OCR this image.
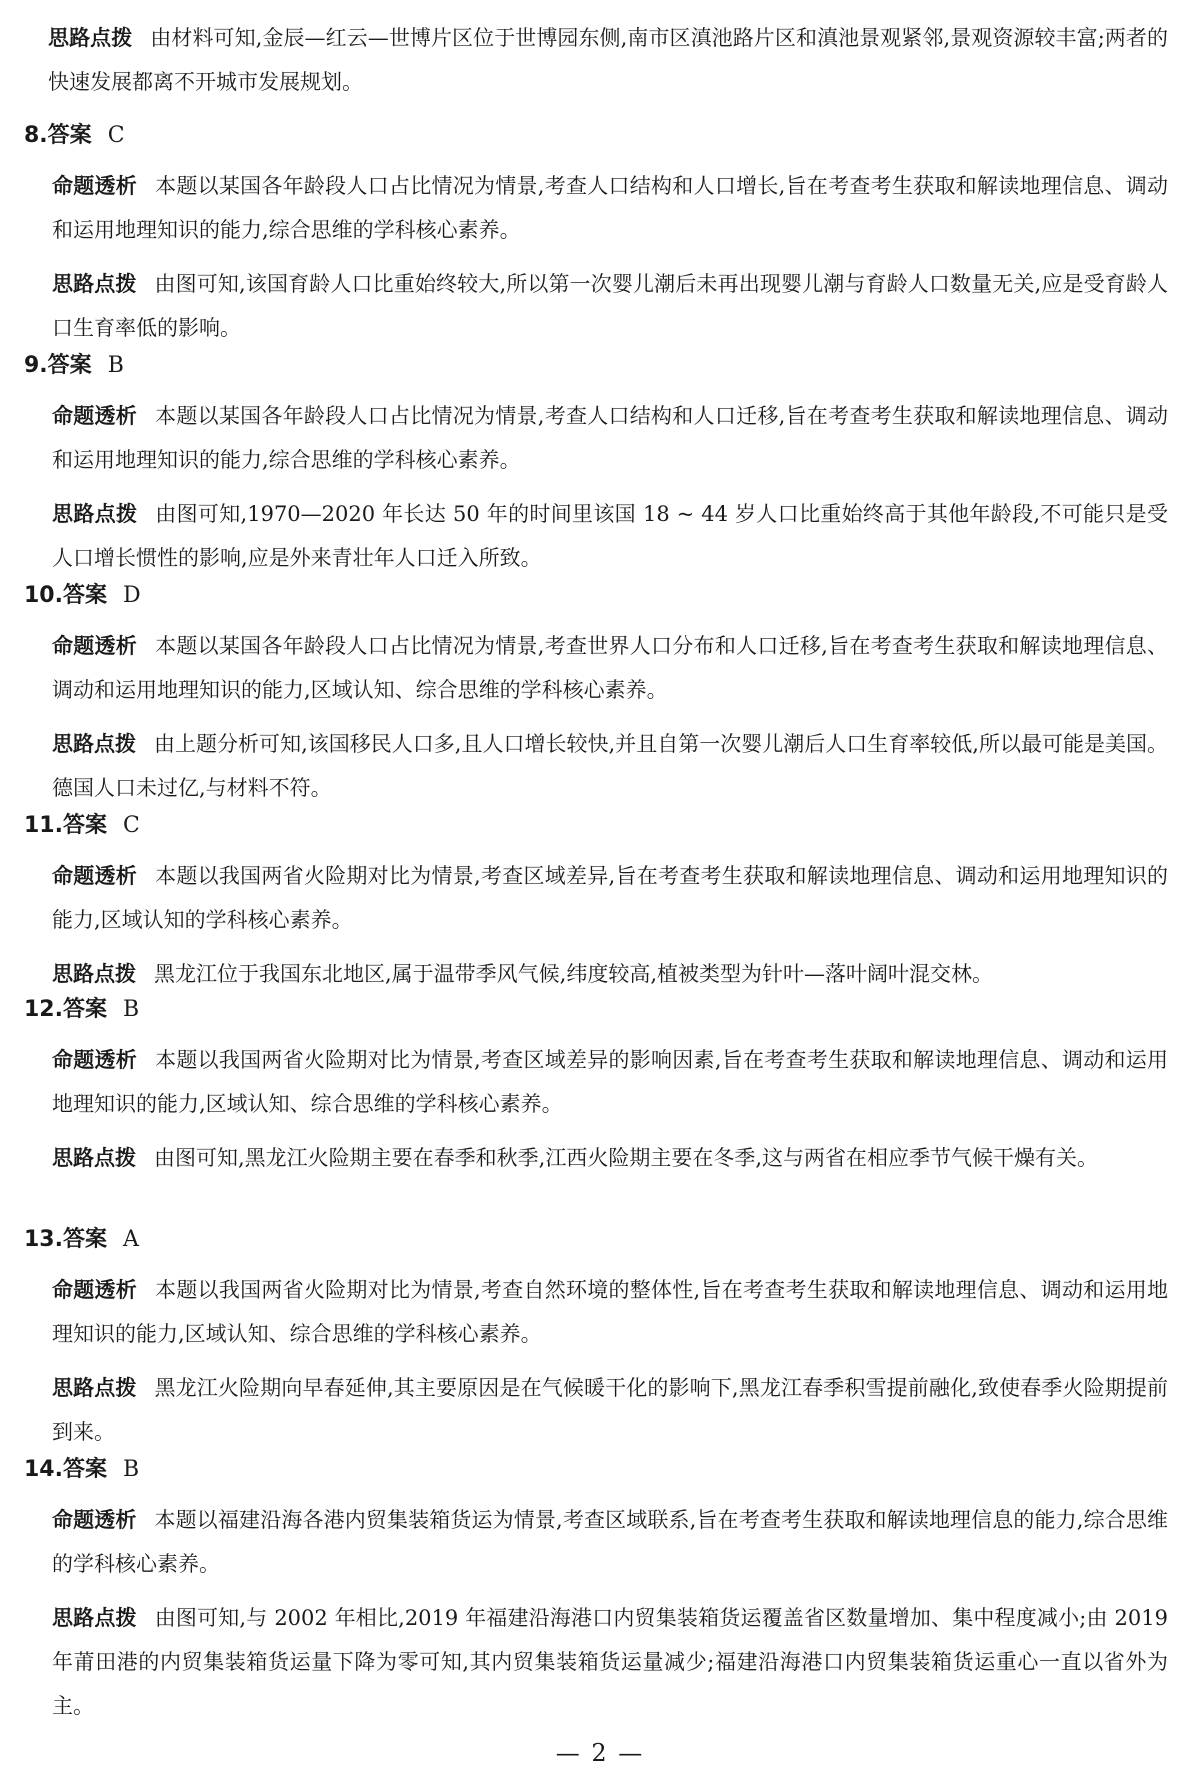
思路点拨 由材料可知,金辰—红云—世博片区位于世博园东侧,南市区滇池路片区和滇池景观紧邻,景观资源较丰富;两者的快速发展都离不开城市发展规划。

8.答案 C

命题透析 本题以某国各年龄段人口占比情况为情景,考查人口结构和人口增长,旨在考查考生获取和解读地理信息、调动和运用地理知识的能力,综合思维的学科核心素养。

思路点拨 由图可知,该国育龄人口比重始终较大,所以第一次婴儿潮后未再出现婴儿潮与育龄人口数量无关,应是受育龄人口生育率低的影响。

9.答案 B

命题透析 本题以某国各年龄段人口占比情况为情景,考查人口结构和人口迁移,旨在考查考生获取和解读地理信息、调动和运用地理知识的能力,综合思维的学科核心素养。

思路点拨 由图可知,1970—2020 年长达 50 年的时间里该国 18 ~ 44 岁人口比重始终高于其他年龄段,不可能只是受人口增长惯性的影响,应是外来青壮年人口迁入所致。

10.答案 D

命题透析 本题以某国各年龄段人口占比情况为情景,考查世界人口分布和人口迁移,旨在考查考生获取和解读地理信息、调动和运用地理知识的能力,区域认知、综合思维的学科核心素养。

思路点拨 由上题分析可知,该国移民人口多,且人口增长较快,并且自第一次婴儿潮后人口生育率较低,所以最可能是美国。德国人口未过亿,与材料不符。

11.答案 C

命题透析 本题以我国两省火险期对比为情景,考查区域差异,旨在考查考生获取和解读地理信息、调动和运用地理知识的能力,区域认知的学科核心素养。

思路点拨 黑龙江位于我国东北地区,属于温带季风气候,纬度较高,植被类型为针叶—落叶阔叶混交林。

12.答案 B

命题透析 本题以我国两省火险期对比为情景,考查区域差异的影响因素,旨在考查考生获取和解读地理信息、调动和运用地理知识的能力,区域认知、综合思维的学科核心素养。

思路点拨 由图可知,黑龙江火险期主要在春季和秋季,江西火险期主要在冬季,这与两省在相应季节气候干燥有关。

13.答案 A

命题透析 本题以我国两省火险期对比为情景,考查自然环境的整体性,旨在考查考生获取和解读地理信息、调动和运用地理知识的能力,区域认知、综合思维的学科核心素养。

思路点拨 黑龙江火险期向早春延伸,其主要原因是在气候暖干化的影响下,黑龙江春季积雪提前融化,致使春季火险期提前到来。

14.答案 B

命题透析 本题以福建沿海各港内贸集装箱货运为情景,考查区域联系,旨在考查考生获取和解读地理信息的能力,综合思维的学科核心素养。

思路点拨 由图可知,与 2002 年相比,2019 年福建沿海港口内贸集装箱货运覆盖省区数量增加、集中程度减小;由 2019 年莆田港的内贸集装箱货运量下降为零可知,其内贸集装箱货运量减少;福建沿海港口内贸集装箱货运重心一直以省外为主。

— 2 —
